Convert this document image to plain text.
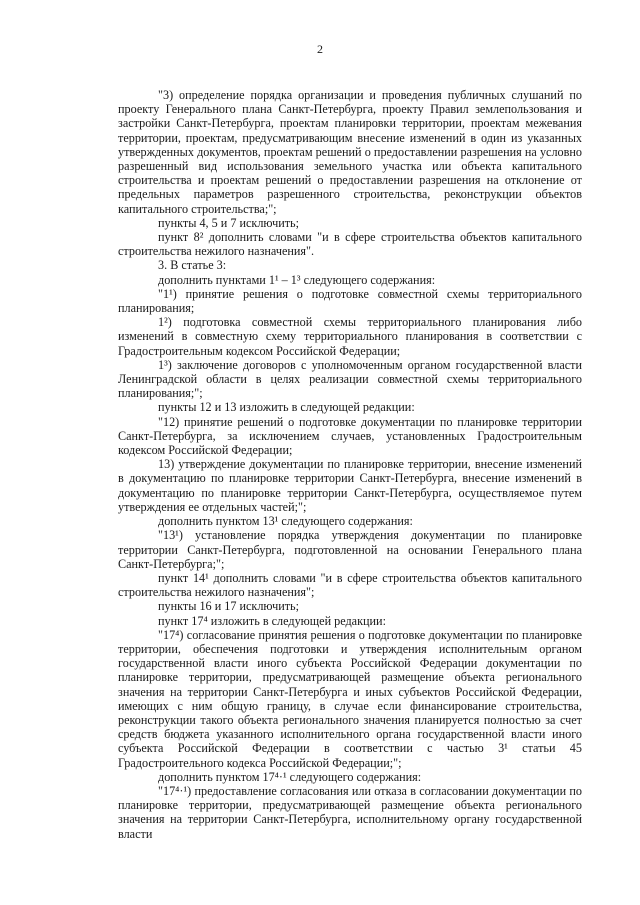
2

"3) определение порядка организации и проведения публичных слушаний по проекту Генерального плана Санкт-Петербурга, проекту Правил землепользования и застройки Санкт-Петербурга, проектам планировки территории, проектам межевания территории, проектам, предусматривающим внесение изменений в один из указанных утвержденных документов, проектам решений о предоставлении разрешения на условно разрешенный вид использования земельного участка или объекта капитального строительства и проектам решений о предоставлении разрешения на отклонение от предельных параметров разрешенного строительства, реконструкции объектов капитального строительства;";

пункты 4, 5 и 7 исключить;

пункт 8² дополнить словами "и в сфере строительства объектов капитального строительства нежилого назначения".

3. В статье 3:

дополнить пунктами 1¹ – 1³ следующего содержания:

"1¹) принятие решения о подготовке совместной схемы территориального планирования;

1²) подготовка совместной схемы территориального планирования либо изменений в совместную схему территориального планирования в соответствии с Градостроительным кодексом Российской Федерации;

1³) заключение договоров с уполномоченным органом государственной власти Ленинградской области в целях реализации совместной схемы территориального планирования;";

пункты 12 и 13 изложить в следующей редакции:

"12) принятие решений о подготовке документации по планировке территории Санкт-Петербурга, за исключением случаев, установленных Градостроительным кодексом Российской Федерации;

13) утверждение документации по планировке территории, внесение изменений в документацию по планировке территории Санкт-Петербурга, внесение изменений в документацию по планировке территории Санкт-Петербурга, осуществляемое путем утверждения ее отдельных частей;";

дополнить пунктом 13¹ следующего содержания:

"13¹) установление порядка утверждения документации по планировке территории Санкт-Петербурга, подготовленной на основании Генерального плана Санкт-Петербурга;";

пункт 14¹ дополнить словами "и в сфере строительства объектов капитального строительства нежилого назначения";

пункты 16 и 17 исключить;

пункт 17⁴ изложить в следующей редакции:

"17⁴) согласование принятия решения о подготовке документации по планировке территории, обеспечения подготовки и утверждения исполнительным органом государственной власти иного субъекта Российской Федерации документации по планировке территории, предусматривающей размещение объекта регионального значения на территории Санкт-Петербурга и иных субъектов Российской Федерации, имеющих с ним общую границу, в случае если финансирование строительства, реконструкции такого объекта регионального значения планируется полностью за счет средств бюджета указанного исполнительного органа государственной власти иного субъекта Российской Федерации в соответствии с частью 3¹ статьи 45 Градостроительного кодекса Российской Федерации;";

дополнить пунктом 17⁴·¹ следующего содержания:

"17⁴·¹) предоставление согласования или отказа в согласовании документации по планировке территории, предусматривающей размещение объекта регионального значения на территории Санкт-Петербурга, исполнительному органу государственной власти
